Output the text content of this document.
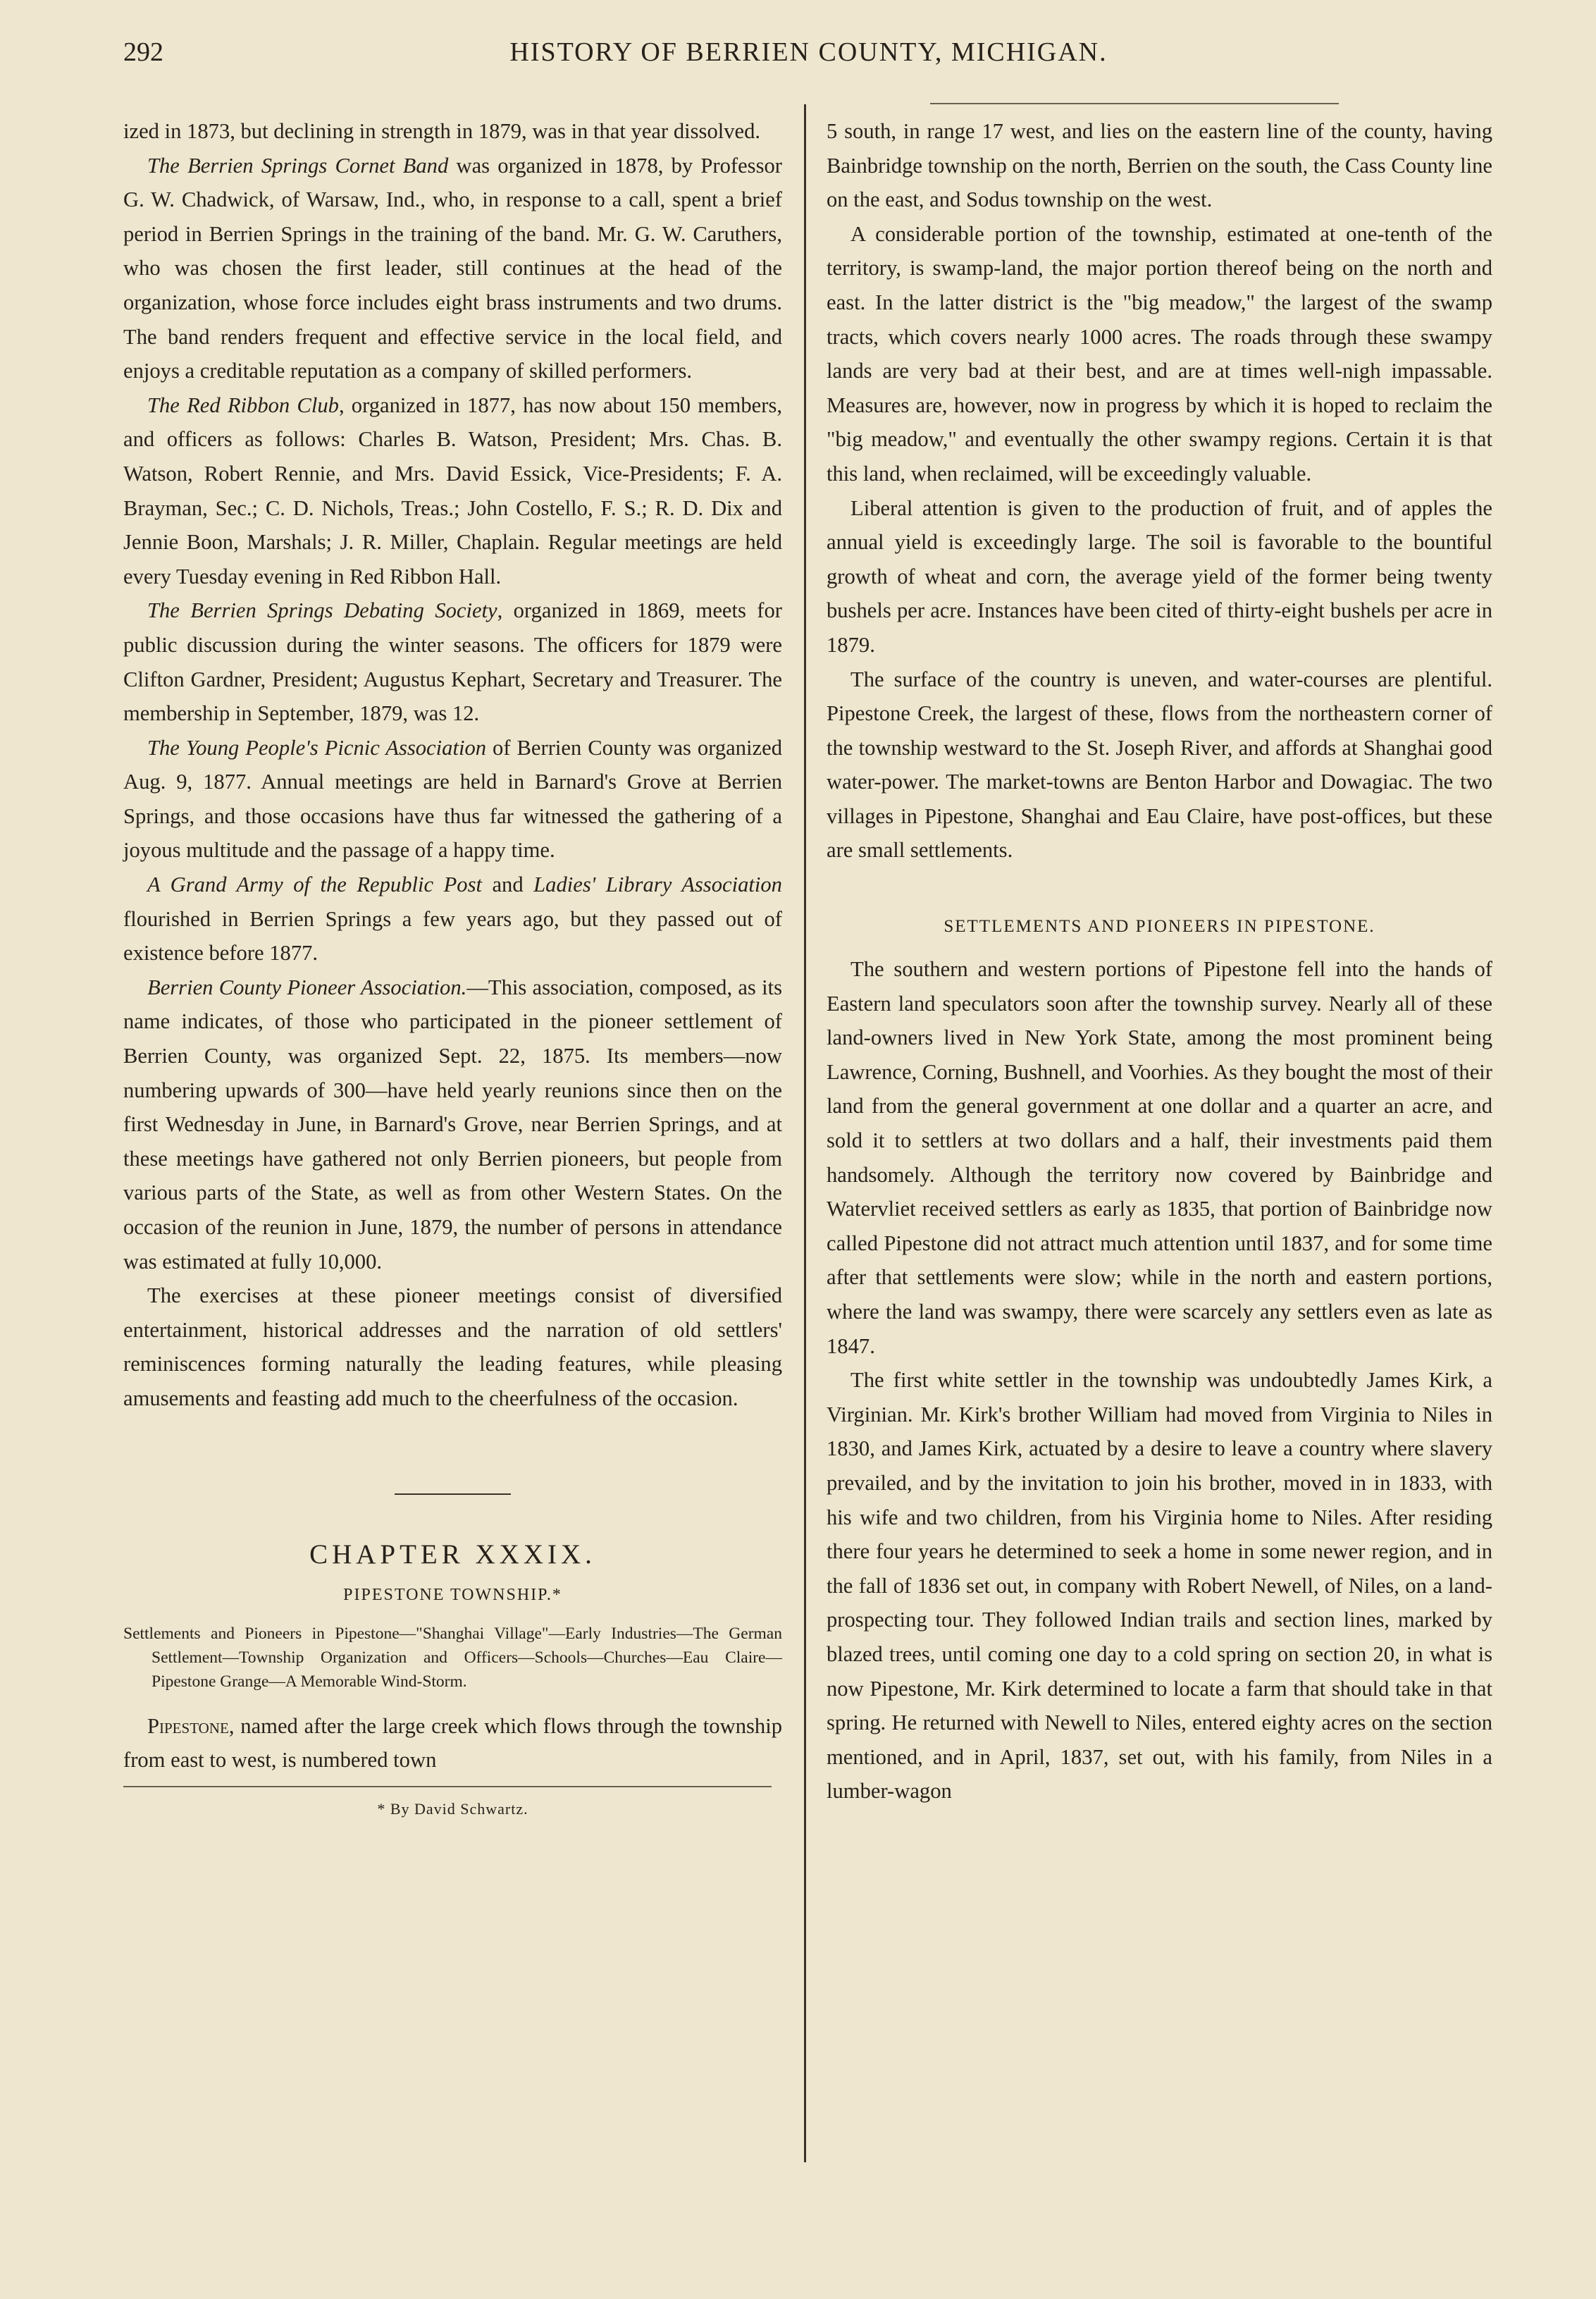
292	HISTORY OF BERRIEN COUNTY, MICHIGAN.

ized in 1873, but declining in strength in 1879, was in that year dissolved.

The Berrien Springs Cornet Band was organized in 1878, by Professor G. W. Chadwick, of Warsaw, Ind., who, in response to a call, spent a brief period in Berrien Springs in the training of the band. Mr. G. W. Caruthers, who was chosen the first leader, still continues at the head of the organization, whose force includes eight brass instruments and two drums. The band renders frequent and effective service in the local field, and enjoys a creditable reputation as a company of skilled performers.

The Red Ribbon Club, organized in 1877, has now about 150 members, and officers as follows: Charles B. Watson, President; Mrs. Chas. B. Watson, Robert Rennie, and Mrs. David Essick, Vice-Presidents; F. A. Brayman, Sec.; C. D. Nichols, Treas.; John Costello, F. S.; R. D. Dix and Jennie Boon, Marshals; J. R. Miller, Chaplain. Regular meetings are held every Tuesday evening in Red Ribbon Hall.

The Berrien Springs Debating Society, organized in 1869, meets for public discussion during the winter seasons. The officers for 1879 were Clifton Gardner, President; Augustus Kephart, Secretary and Treasurer. The membership in September, 1879, was 12.

The Young People's Picnic Association of Berrien County was organized Aug. 9, 1877. Annual meetings are held in Barnard's Grove at Berrien Springs, and those occasions have thus far witnessed the gathering of a joyous multitude and the passage of a happy time.

A Grand Army of the Republic Post and Ladies' Library Association flourished in Berrien Springs a few years ago, but they passed out of existence before 1877.

Berrien County Pioneer Association.—This association, composed, as its name indicates, of those who participated in the pioneer settlement of Berrien County, was organized Sept. 22, 1875. Its members—now numbering upwards of 300—have held yearly reunions since then on the first Wednesday in June, in Barnard's Grove, near Berrien Springs, and at these meetings have gathered not only Berrien pioneers, but people from various parts of the State, as well as from other Western States. On the occasion of the reunion in June, 1879, the number of persons in attendance was estimated at fully 10,000.

The exercises at these pioneer meetings consist of diversified entertainment, historical addresses and the narration of old settlers' reminiscences forming naturally the leading features, while pleasing amusements and feasting add much to the cheerfulness of the occasion.

CHAPTER XXXIX.
PIPESTONE TOWNSHIP.*
Settlements and Pioneers in Pipestone—"Shanghai Village"—Early Industries—The German Settlement—Township Organization and Officers—Schools—Churches—Eau Claire—Pipestone Grange—A Memorable Wind-Storm.

Pipestone, named after the large creek which flows through the township from east to west, is numbered town

* By David Schwartz.

5 south, in range 17 west, and lies on the eastern line of the county, having Bainbridge township on the north, Berrien on the south, the Cass County line on the east, and Sodus township on the west.

A considerable portion of the township, estimated at one-tenth of the territory, is swamp-land, the major portion thereof being on the north and east. In the latter district is the "big meadow," the largest of the swamp tracts, which covers nearly 1000 acres. The roads through these swampy lands are very bad at their best, and are at times well-nigh impassable. Measures are, however, now in progress by which it is hoped to reclaim the "big meadow," and eventually the other swampy regions. Certain it is that this land, when reclaimed, will be exceedingly valuable.

Liberal attention is given to the production of fruit, and of apples the annual yield is exceedingly large. The soil is favorable to the bountiful growth of wheat and corn, the average yield of the former being twenty bushels per acre. Instances have been cited of thirty-eight bushels per acre in 1879.

The surface of the country is uneven, and water-courses are plentiful. Pipestone Creek, the largest of these, flows from the northeastern corner of the township westward to the St. Joseph River, and affords at Shanghai good water-power. The market-towns are Benton Harbor and Dowagiac. The two villages in Pipestone, Shanghai and Eau Claire, have post-offices, but these are small settlements.

SETTLEMENTS AND PIONEERS IN PIPESTONE.

The southern and western portions of Pipestone fell into the hands of Eastern land speculators soon after the township survey. Nearly all of these land-owners lived in New York State, among the most prominent being Lawrence, Corning, Bushnell, and Voorhies. As they bought the most of their land from the general government at one dollar and a quarter an acre, and sold it to settlers at two dollars and a half, their investments paid them handsomely. Although the territory now covered by Bainbridge and Watervliet received settlers as early as 1835, that portion of Bainbridge now called Pipestone did not attract much attention until 1837, and for some time after that settlements were slow; while in the north and eastern portions, where the land was swampy, there were scarcely any settlers even as late as 1847.

The first white settler in the township was undoubtedly James Kirk, a Virginian. Mr. Kirk's brother William had moved from Virginia to Niles in 1830, and James Kirk, actuated by a desire to leave a country where slavery prevailed, and by the invitation to join his brother, moved in in 1833, with his wife and two children, from his Virginia home to Niles. After residing there four years he determined to seek a home in some newer region, and in the fall of 1836 set out, in company with Robert Newell, of Niles, on a land-prospecting tour. They followed Indian trails and section lines, marked by blazed trees, until coming one day to a cold spring on section 20, in what is now Pipestone, Mr. Kirk determined to locate a farm that should take in that spring. He returned with Newell to Niles, entered eighty acres on the section mentioned, and in April, 1837, set out, with his family, from Niles in a lumber-wagon
